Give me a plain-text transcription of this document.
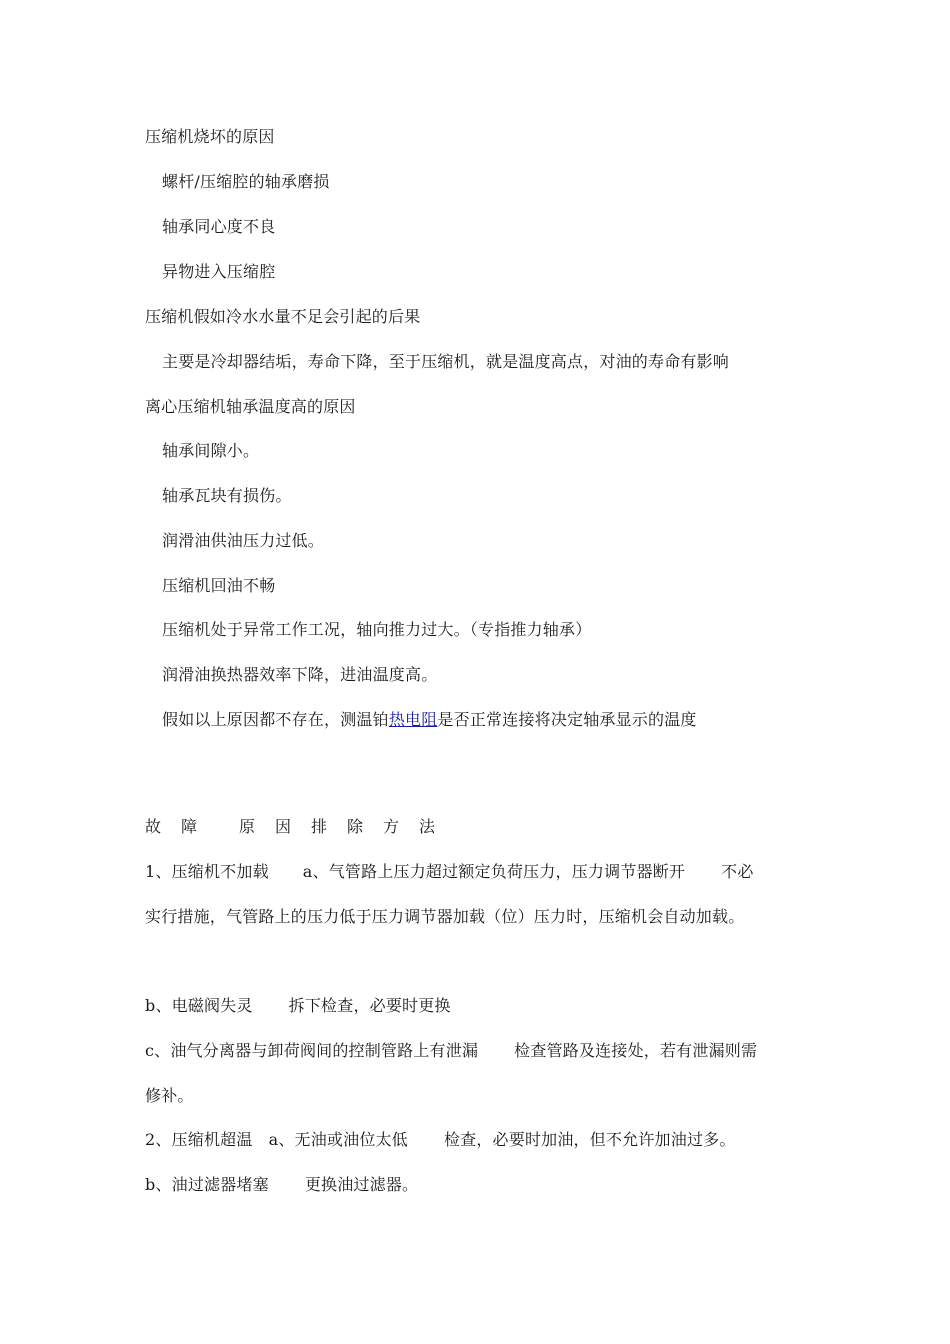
压缩机烧坏的原因
螺杆/压缩腔的轴承磨损
轴承同心度不良
异物进入压缩腔
压缩机假如冷水水量不足会引起的后果
主要是冷却器结垢，寿命下降，至于压缩机，就是温度高点，对油的寿命有影响
离心压缩机轴承温度高的原因
轴承间隙小。
轴承瓦块有损伤。
润滑油供油压力过低。
压缩机回油不畅
压缩机处于异常工作工况，轴向推力过大。（专指推力轴承）
润滑油换热器效率下降，进油温度高。
假如以上原因都不存在，测温铂热电阻是否正常连接将决定轴承显示的温度
故　障	原　因　排　除　方　法
1、压缩机不加载 a、气管路上压力超过额定负荷压力，压力调节器断开 不必
实行措施，气管路上的压力低于压力调节器加载（位）压力时，压缩机会自动加载。
b、电磁阀失灵 拆下检查，必要时更换
c、油气分离器与卸荷阀间的控制管路上有泄漏 检查管路及连接处，若有泄漏则需
修补。
2、压缩机超温 a、无油或油位太低 检查，必要时加油，但不允许加油过多。
b、油过滤器堵塞 更换油过滤器。
